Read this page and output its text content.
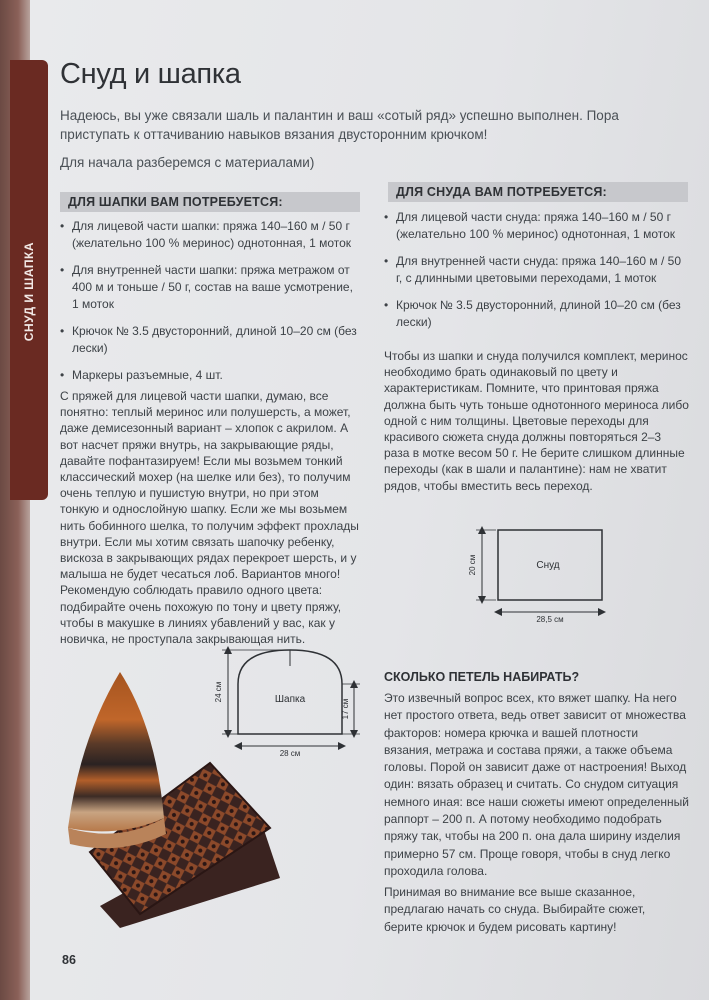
СНУД И ШАПКА
Снуд и шапка
Надеюсь, вы уже связали шаль и палантин и ваш «сотый ряд» успешно выполнен. Пора приступать к оттачиванию навыков вязания двусторонним крючком!
Для начала разберемся с материалами)
ДЛЯ ШАПКИ ВАМ ПОТРЕБУЕТСЯ:
• Для лицевой части шапки: пряжа 140–160 м / 50 г (желательно 100 % меринос) однотонная, 1 моток
• Для внутренней части шапки: пряжа метражом от 400 м и тоньше / 50 г, состав на ваше усмотрение, 1 моток
• Крючок № 3.5 двусторонний, длиной 10–20 см (без лески)
• Маркеры разъемные, 4 шт.
ДЛЯ СНУДА ВАМ ПОТРЕБУЕТСЯ:
• Для лицевой части снуда: пряжа 140–160 м / 50 г (желательно 100 % меринос) однотонная, 1 моток
• Для внутренней части снуда: пряжа 140–160 м / 50 г, с длинными цветовыми переходами, 1 моток
• Крючок № 3.5 двусторонний, длиной 10–20 см (без лески)
С пряжей для лицевой части шапки, думаю, все понятно: теплый меринос или полушерсть, а может, даже демисезонный вариант – хлопок с акрилом. А вот насчет пряжи внутрь, на закрывающие ряды, давайте пофантазируем! Если мы возьмем тонкий классический мохер (на шелке или без), то получим очень теплую и пушистую внутри, но при этом тонкую и однослойную шапку. Если же мы возьмем нить бобинного шелка, то получим эффект прохлады внутри. Если мы хотим связать шапочку ребенку, вискоза в закрывающих рядах перекроет шерсть, и у малыша не будет чесаться лоб. Вариантов много! Рекомендую соблюдать правило одного цвета: подбирайте очень похожую по тону и цвету пряжу, чтобы в макушке в линиях убавлений у вас, как у новичка, не проступала закрывающая нить.
Чтобы из шапки и снуда получился комплект, меринос необходимо брать одинаковый по цвету и характеристикам. Помните, что принтовая пряжа должна быть чуть тоньше однотонного мериноса либо одной с ним толщины. Цветовые переходы для красивого сюжета снуда должны повторяться 2–3 раза в мотке весом 50 г. Не берите слишком длинные переходы (как в шали и палантине): нам не хватит рядов, чтобы вместить весь переход.
Снуд
20 см
28,5 см
Шапка
24 см
17 см
28 см
СКОЛЬКО ПЕТЕЛЬ НАБИРАТЬ?
Это извечный вопрос всех, кто вяжет шапку. На него нет простого ответа, ведь ответ зависит от множества факторов: номера крючка и вашей плотности вязания, метража и состава пряжи, а также объема головы. Порой он зависит даже от настроения! Выход один: вязать образец и считать. Со снудом ситуация немного иная: все наши сюжеты имеют определенный раппорт – 200 п. А потому необходимо подобрать пряжу так, чтобы на 200 п. она дала ширину изделия примерно 57 см. Проще говоря, чтобы в снуд легко проходила голова.
Принимая во внимание все выше сказанное, предлагаю начать со снуда. Выбирайте сюжет, берите крючок и будем рисовать картину!
86
